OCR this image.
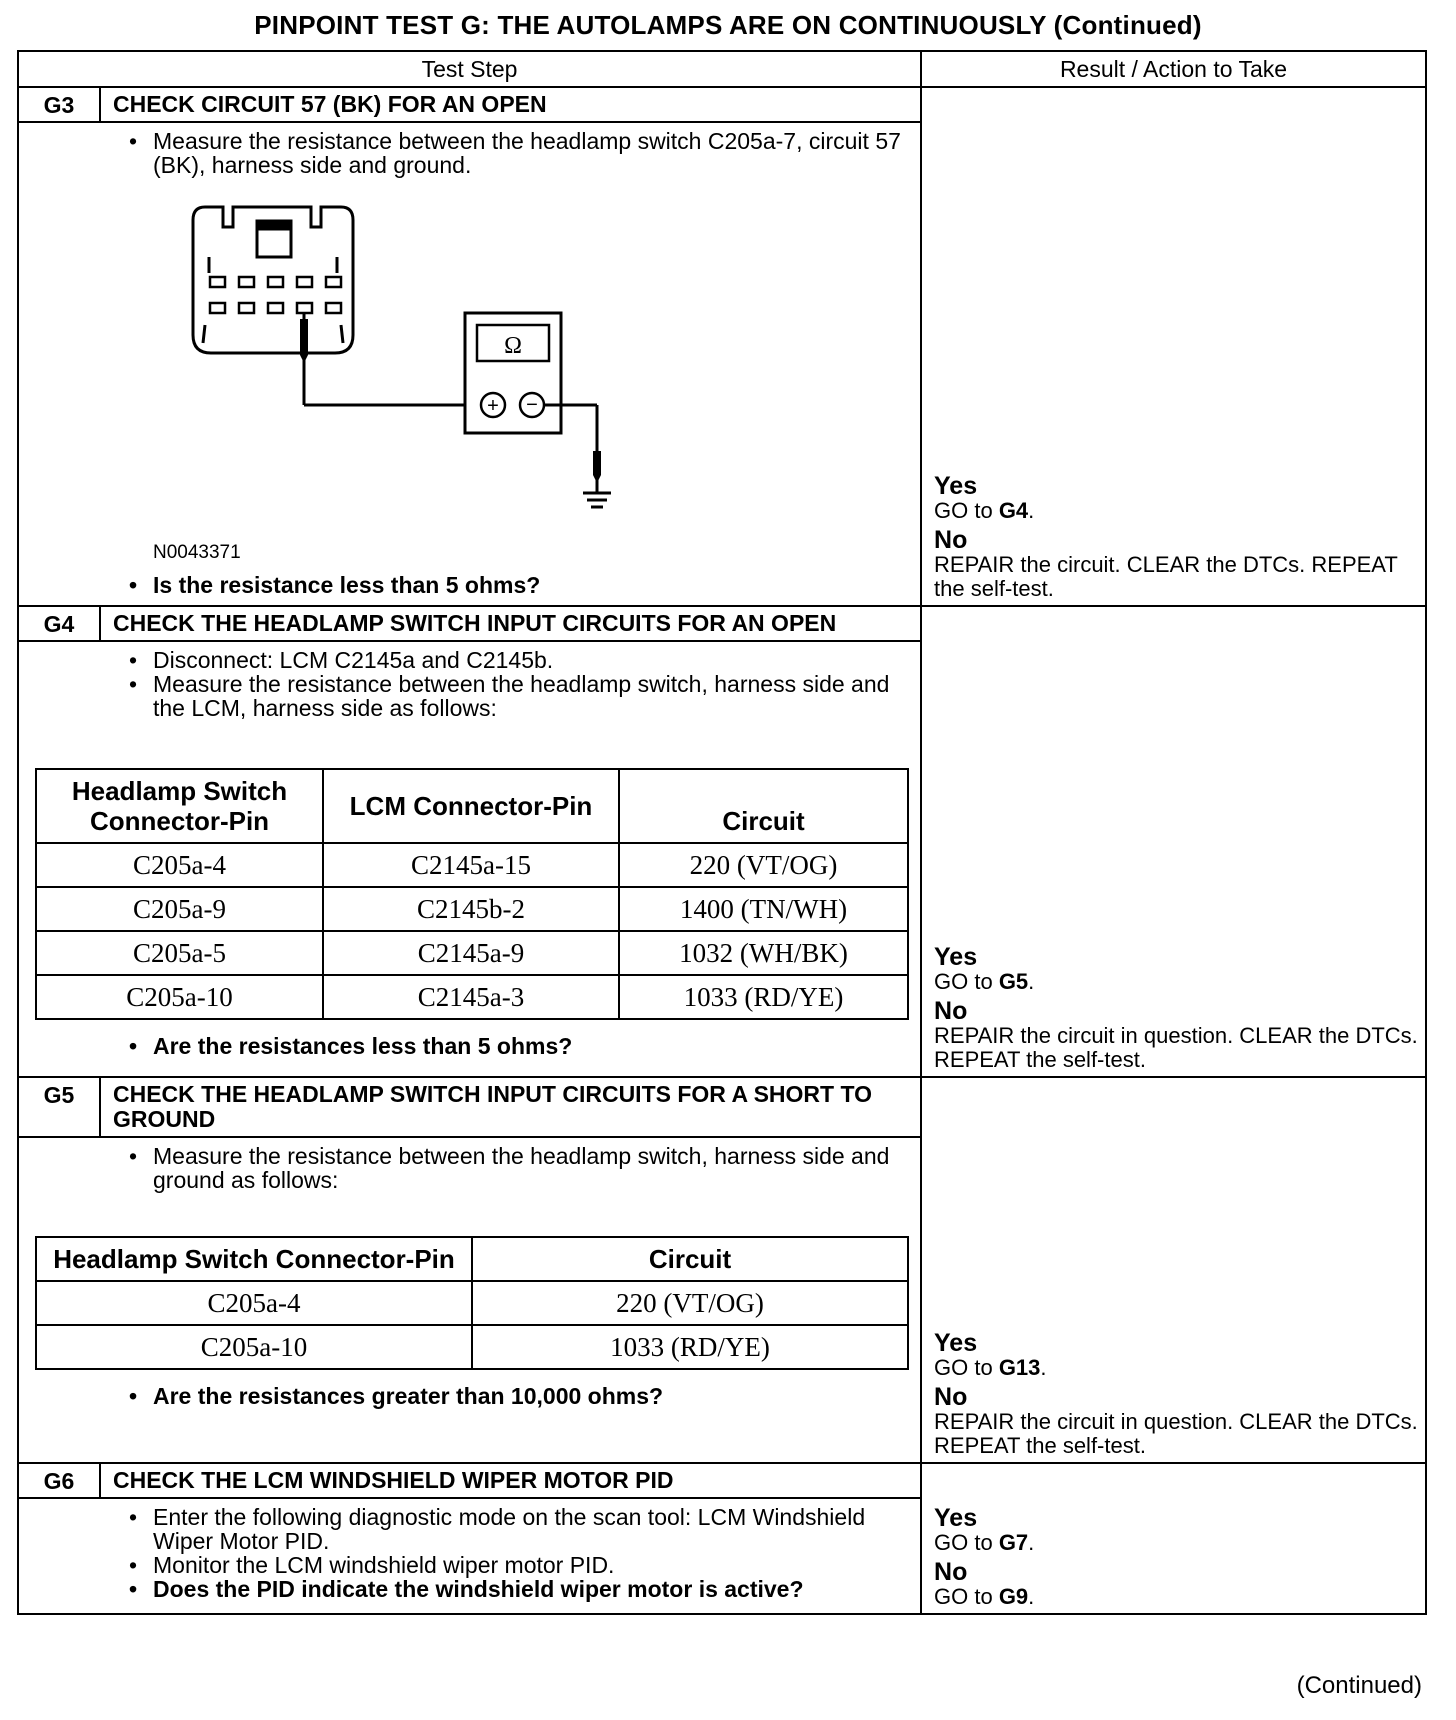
PINPOINT TEST G: THE AUTOLAMPS ARE ON CONTINUOUSLY (Continued)
Test Step	Result / Action to Take
G3	CHECK CIRCUIT 57 (BK) FOR AN OPEN	
Yes
GO to G4.
No
REPAIR the circuit. CLEAR the DTCs. REPEAT the self-test.

• Measure the resistance between the headlamp switch C205a-7, circuit 57 (BK), harness side and ground.
Ω
+ −
N0043371
• Is the resistance less than 5 ohms?

G4	CHECK THE HEADLAMP SWITCH INPUT CIRCUITS FOR AN OPEN	
Yes
GO to G5.
No
REPAIR the circuit in question. CLEAR the DTCs. REPEAT the self-test.

• Disconnect: LCM C2145a and C2145b.
• Measure the resistance between the headlamp switch, harness side and the LCM, harness side as follows:
Headlamp Switch Connector-Pin	LCM Connector-Pin	Circuit
C205a-4	C2145a-15	220 (VT/OG)
C205a-9	C2145b-2	1400 (TN/WH)
C205a-5	C2145a-9	1032 (WH/BK)
C205a-10	C2145a-3	1033 (RD/YE)
• Are the resistances less than 5 ohms?

G5	CHECK THE HEADLAMP SWITCH INPUT CIRCUITS FOR A SHORT TO GROUND	
Yes
GO to G13.
No
REPAIR the circuit in question. CLEAR the DTCs. REPEAT the self-test.

• Measure the resistance between the headlamp switch, harness side and ground as follows:
Headlamp Switch Connector-Pin	Circuit
C205a-4	220 (VT/OG)
C205a-10	1033 (RD/YE)
• Are the resistances greater than 10,000 ohms?

G6	CHECK THE LCM WINDSHIELD WIPER MOTOR PID	
Yes
GO to G7.
No
GO to G9.

• Enter the following diagnostic mode on the scan tool: LCM Windshield Wiper Motor PID.
• Monitor the LCM windshield wiper motor PID.
• Does the PID indicate the windshield wiper motor is active?
(Continued)
